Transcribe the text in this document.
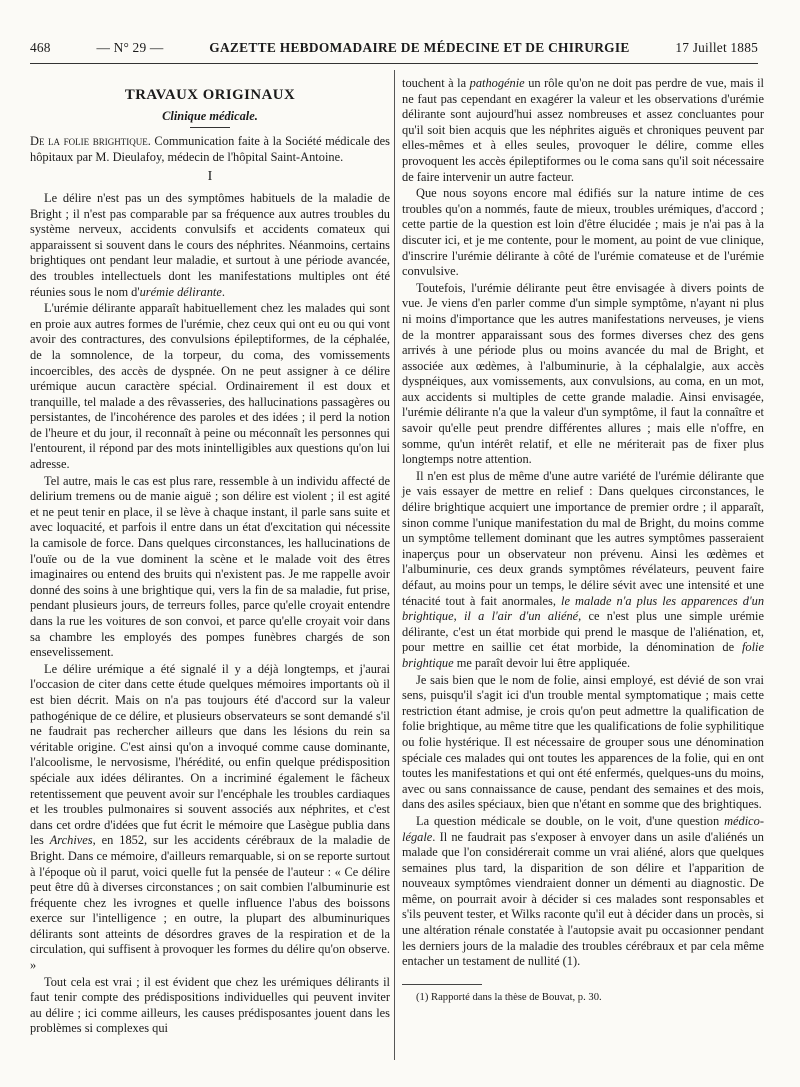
468	— N° 29 —	GAZETTE HEBDOMADAIRE DE MÉDECINE ET DE CHIRURGIE	17 Juillet 1885
TRAVAUX ORIGINAUX
Clinique médicale.

De la folie brightique. Communication faite à la Société médicale des hôpitaux par M. Dieulafoy, médecin de l'hôpital Saint-Antoine.

I

Le délire n'est pas un des symptômes habituels de la maladie de Bright ; il n'est pas comparable par sa fréquence aux autres troubles du système nerveux, accidents convulsifs et accidents comateux qui apparaissent si souvent dans le cours des néphrites. Néanmoins, certains brightiques ont pendant leur maladie, et surtout à une période avancée, des troubles intellectuels dont les manifestations multiples ont été réunies sous le nom d'urémie délirante.

L'urémie délirante apparaît habituellement chez les malades qui sont en proie aux autres formes de l'urémie, chez ceux qui ont eu ou qui vont avoir des contractures, des convulsions épileptiformes, de la céphalée, de la somnolence, de la torpeur, du coma, des vomissements incoercibles, des accès de dyspnée. On ne peut assigner à ce délire urémique aucun caractère spécial. Ordinairement il est doux et tranquille, tel malade a des rêvasseries, des hallucinations passagères ou persistantes, de l'incohérence des paroles et des idées ; il perd la notion de l'heure et du jour, il reconnaît à peine ou méconnaît les personnes qui l'entourent, il répond par des mots inintelligibles aux questions qu'on lui adresse.

Tel autre, mais le cas est plus rare, ressemble à un individu affecté de delirium tremens ou de manie aiguë ; son délire est violent ; il est agité et ne peut tenir en place, il se lève à chaque instant, il parle sans suite et avec loquacité, et parfois il entre dans un état d'excitation qui nécessite la camisole de force. Dans quelques circonstances, les hallucinations de l'ouïe ou de la vue dominent la scène et le malade voit des êtres imaginaires ou entend des bruits qui n'existent pas. Je me rappelle avoir donné des soins à une brightique qui, vers la fin de sa maladie, fut prise, pendant plusieurs jours, de terreurs folles, parce qu'elle croyait entendre dans la rue les voitures de son convoi, et parce qu'elle croyait voir dans sa chambre les employés des pompes funèbres chargés de son ensevelissement.

Le délire urémique a été signalé il y a déjà longtemps, et j'aurai l'occasion de citer dans cette étude quelques mémoires importants où il est bien décrit. Mais on n'a pas toujours été d'accord sur la valeur pathogénique de ce délire, et plusieurs observateurs se sont demandé s'il ne faudrait pas rechercher ailleurs que dans les lésions du rein sa véritable origine. C'est ainsi qu'on a invoqué comme cause dominante, l'alcoolisme, le nervosisme, l'hérédité, ou enfin quelque prédisposition spéciale aux idées délirantes. On a incriminé également le fâcheux retentissement que peuvent avoir sur l'encéphale les troubles cardiaques et les troubles pulmonaires si souvent associés aux néphrites, et c'est dans cet ordre d'idées que fut écrit le mémoire que Lasègue publia dans les Archives, en 1852, sur les accidents cérébraux de la maladie de Bright. Dans ce mémoire, d'ailleurs remarquable, si on se reporte surtout à l'époque où il parut, voici quelle fut la pensée de l'auteur : « Ce délire peut être dû à diverses circonstances ; on sait combien l'albuminurie est fréquente chez les ivrognes et quelle influence l'abus des boissons exerce sur l'intelligence ; en outre, la plupart des albuminuriques délirants sont atteints de désordres graves de la respiration et de la circulation, qui suffisent à provoquer les formes du délire qu'on observe. »

Tout cela est vrai ; il est évident que chez les urémiques délirants il faut tenir compte des prédispositions individuelles qui peuvent inviter au délire ; ici comme ailleurs, les causes prédisposantes jouent dans les problèmes si complexes qui

touchent à la pathogénie un rôle qu'on ne doit pas perdre de vue, mais il ne faut pas cependant en exagérer la valeur et les observations d'urémie délirante sont aujourd'hui assez nombreuses et assez concluantes pour qu'il soit bien acquis que les néphrites aiguës et chroniques peuvent par elles-mêmes et à elles seules, provoquer le délire, comme elles provoquent les accès épileptiformes ou le coma sans qu'il soit nécessaire de faire intervenir un autre facteur.

Que nous soyons encore mal édifiés sur la nature intime de ces troubles qu'on a nommés, faute de mieux, troubles urémiques, d'accord ; cette partie de la question est loin d'être élucidée ; mais je n'ai pas à la discuter ici, et je me contente, pour le moment, au point de vue clinique, d'inscrire l'urémie délirante à côté de l'urémie comateuse et de l'urémie convulsive.

Toutefois, l'urémie délirante peut être envisagée à divers points de vue. Je viens d'en parler comme d'un simple symptôme, n'ayant ni plus ni moins d'importance que les autres manifestations nerveuses, je viens de la montrer apparaissant sous des formes diverses chez des gens arrivés à une période plus ou moins avancée du mal de Bright, et associée aux œdèmes, à l'albuminurie, à la céphalalgie, aux accès dyspnéiques, aux vomissements, aux convulsions, au coma, en un mot, aux accidents si multiples de cette grande maladie. Ainsi envisagée, l'urémie délirante n'a que la valeur d'un symptôme, il faut la connaître et savoir qu'elle peut prendre différentes allures ; mais elle n'offre, en somme, qu'un intérêt relatif, et elle ne mériterait pas de fixer plus longtemps notre attention.

Il n'en est plus de même d'une autre variété de l'urémie délirante que je vais essayer de mettre en relief : Dans quelques circonstances, le délire brightique acquiert une importance de premier ordre ; il apparaît, sinon comme l'unique manifestation du mal de Bright, du moins comme un symptôme tellement dominant que les autres symptômes passeraient inaperçus pour un observateur non prévenu. Ainsi les œdèmes et l'albuminurie, ces deux grands symptômes révélateurs, peuvent faire défaut, au moins pour un temps, le délire sévit avec une intensité et une ténacité tout à fait anormales, le malade n'a plus les apparences d'un brightique, il a l'air d'un aliéné, ce n'est plus une simple urémie délirante, c'est un état morbide qui prend le masque de l'aliénation, et, pour mettre en saillie cet état morbide, la dénomination de folie brightique me paraît devoir lui être appliquée.

Je sais bien que le nom de folie, ainsi employé, est dévié de son vrai sens, puisqu'il s'agit ici d'un trouble mental symptomatique ; mais cette restriction étant admise, je crois qu'on peut admettre la qualification de folie brightique, au même titre que les qualifications de folie syphilitique ou folie hystérique. Il est nécessaire de grouper sous une dénomination spéciale ces malades qui ont toutes les apparences de la folie, qui en ont toutes les manifestations et qui ont été enfermés, quelques-uns du moins, avec ou sans connaissance de cause, pendant des semaines et des mois, dans des asiles spéciaux, bien que n'étant en somme que des brightiques.

La question médicale se double, on le voit, d'une question médico-légale. Il ne faudrait pas s'exposer à envoyer dans un asile d'aliénés un malade que l'on considérerait comme un vrai aliéné, alors que quelques semaines plus tard, la disparition de son délire et l'apparition de nouveaux symptômes viendraient donner un démenti au diagnostic. De même, on pourrait avoir à décider si ces malades sont responsables et s'ils peuvent tester, et Wilks raconte qu'il eut à décider dans un procès, si une altération rénale constatée à l'autopsie avait pu occasionner pendant les derniers jours de la maladie des troubles cérébraux et par cela même entacher un testament de nullité (1).

(1) Rapporté dans la thèse de Bouvat, p. 30.
